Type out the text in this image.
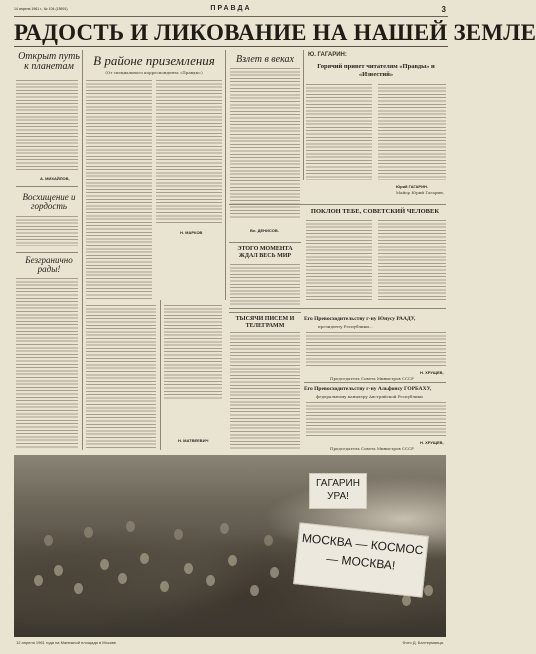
14 апреля 1961 г., № 104 (15591)	ПРАВДА	3
РАДОСТЬ И ЛИКОВАНИЕ НА НАШЕЙ ЗЕМЛЕ
Открыт путь к планетам
А. МИХАЙЛОВ,
Восхищение и гордость
Безгранично рады!
В районе приземления
(От специального корреспондента «Правды»)
Н. МАРКОВ
Н. МАТВЕЕВИЧ
Взлет в веках
ЭТОГО МОМЕНТА ЖДАЛ ВЕСЬ МИР
Вл. ДЕНИСОВ.
ТЫСЯЧИ ПИСЕМ И ТЕЛЕГРАММ
Ю. ГАГАРИН:
Горячий привет читателям «Правды» и «Известий»
Юрий ГАГАРИН.
Майор Юрий Гагарин,
ПОКЛОН ТЕБЕ, СОВЕТСКИЙ ЧЕЛОВЕК
Его Превосходительству г-ну Юнусу РААДУ,
президенту Республики...
Н. ХРУЩЕВ,
Председатель Совета Министров СССР
Его Превосходительству г-ну Альфонсу ГОРБАХУ,
федеральному канцлеру Австрийской Республики
Н. ХРУЩЕВ,
Председатель Совета Министров СССР
ГАГАРИН УРА!
МОСКВА — КОСМОС — МОСКВА!
12 апреля 1961 года на Манежной площади в Москве.	Фото Д. Балтерманца.
